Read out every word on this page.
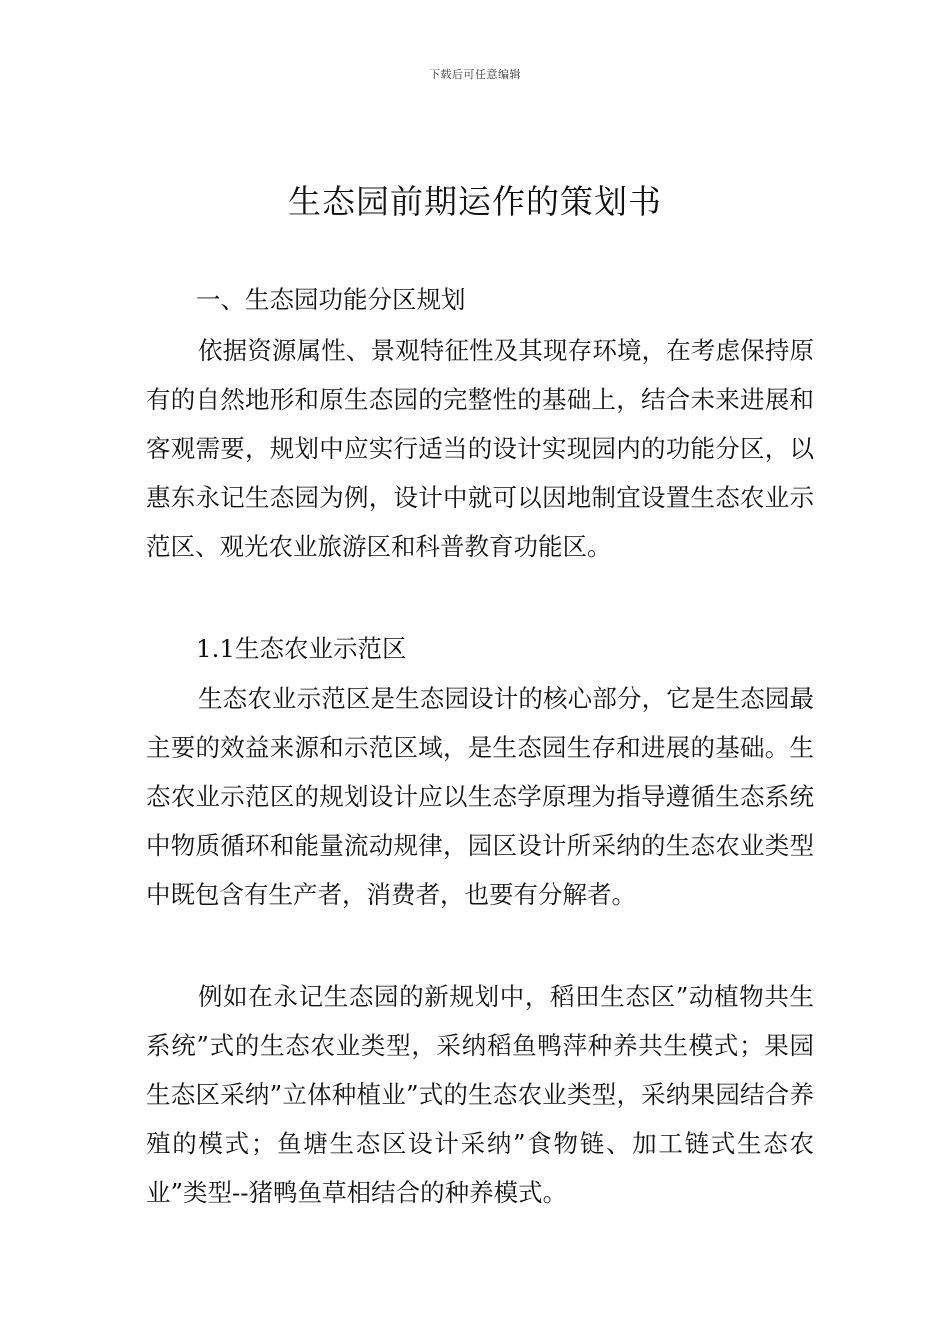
下载后可任意编辑
生态园前期运作的策划书
一、生态园功能分区规划

依据资源属性、景观特征性及其现存环境，在考虑保持原有的自然地形和原生态园的完整性的基础上，结合未来进展和客观需要，规划中应实行适当的设计实现园内的功能分区，以惠东永记生态园为例，设计中就可以因地制宜设置生态农业示范区、观光农业旅游区和科普教育功能区。

1.1生态农业示范区

生态农业示范区是生态园设计的核心部分，它是生态园最主要的效益来源和示范区域，是生态园生存和进展的基础。生态农业示范区的规划设计应以生态学原理为指导遵循生态系统中物质循环和能量流动规律，园区设计所采纳的生态农业类型中既包含有生产者，消费者，也要有分解者。

例如在永记生态园的新规划中，稻田生态区”动植物共生系统”式的生态农业类型，采纳稻鱼鸭萍种养共生模式；果园生态区采纳”立体种植业”式的生态农业类型，采纳果园结合养殖的模式；鱼塘生态区设计采纳”食物链、加工链式生态农业”类型--猪鸭鱼草相结合的种养模式。
